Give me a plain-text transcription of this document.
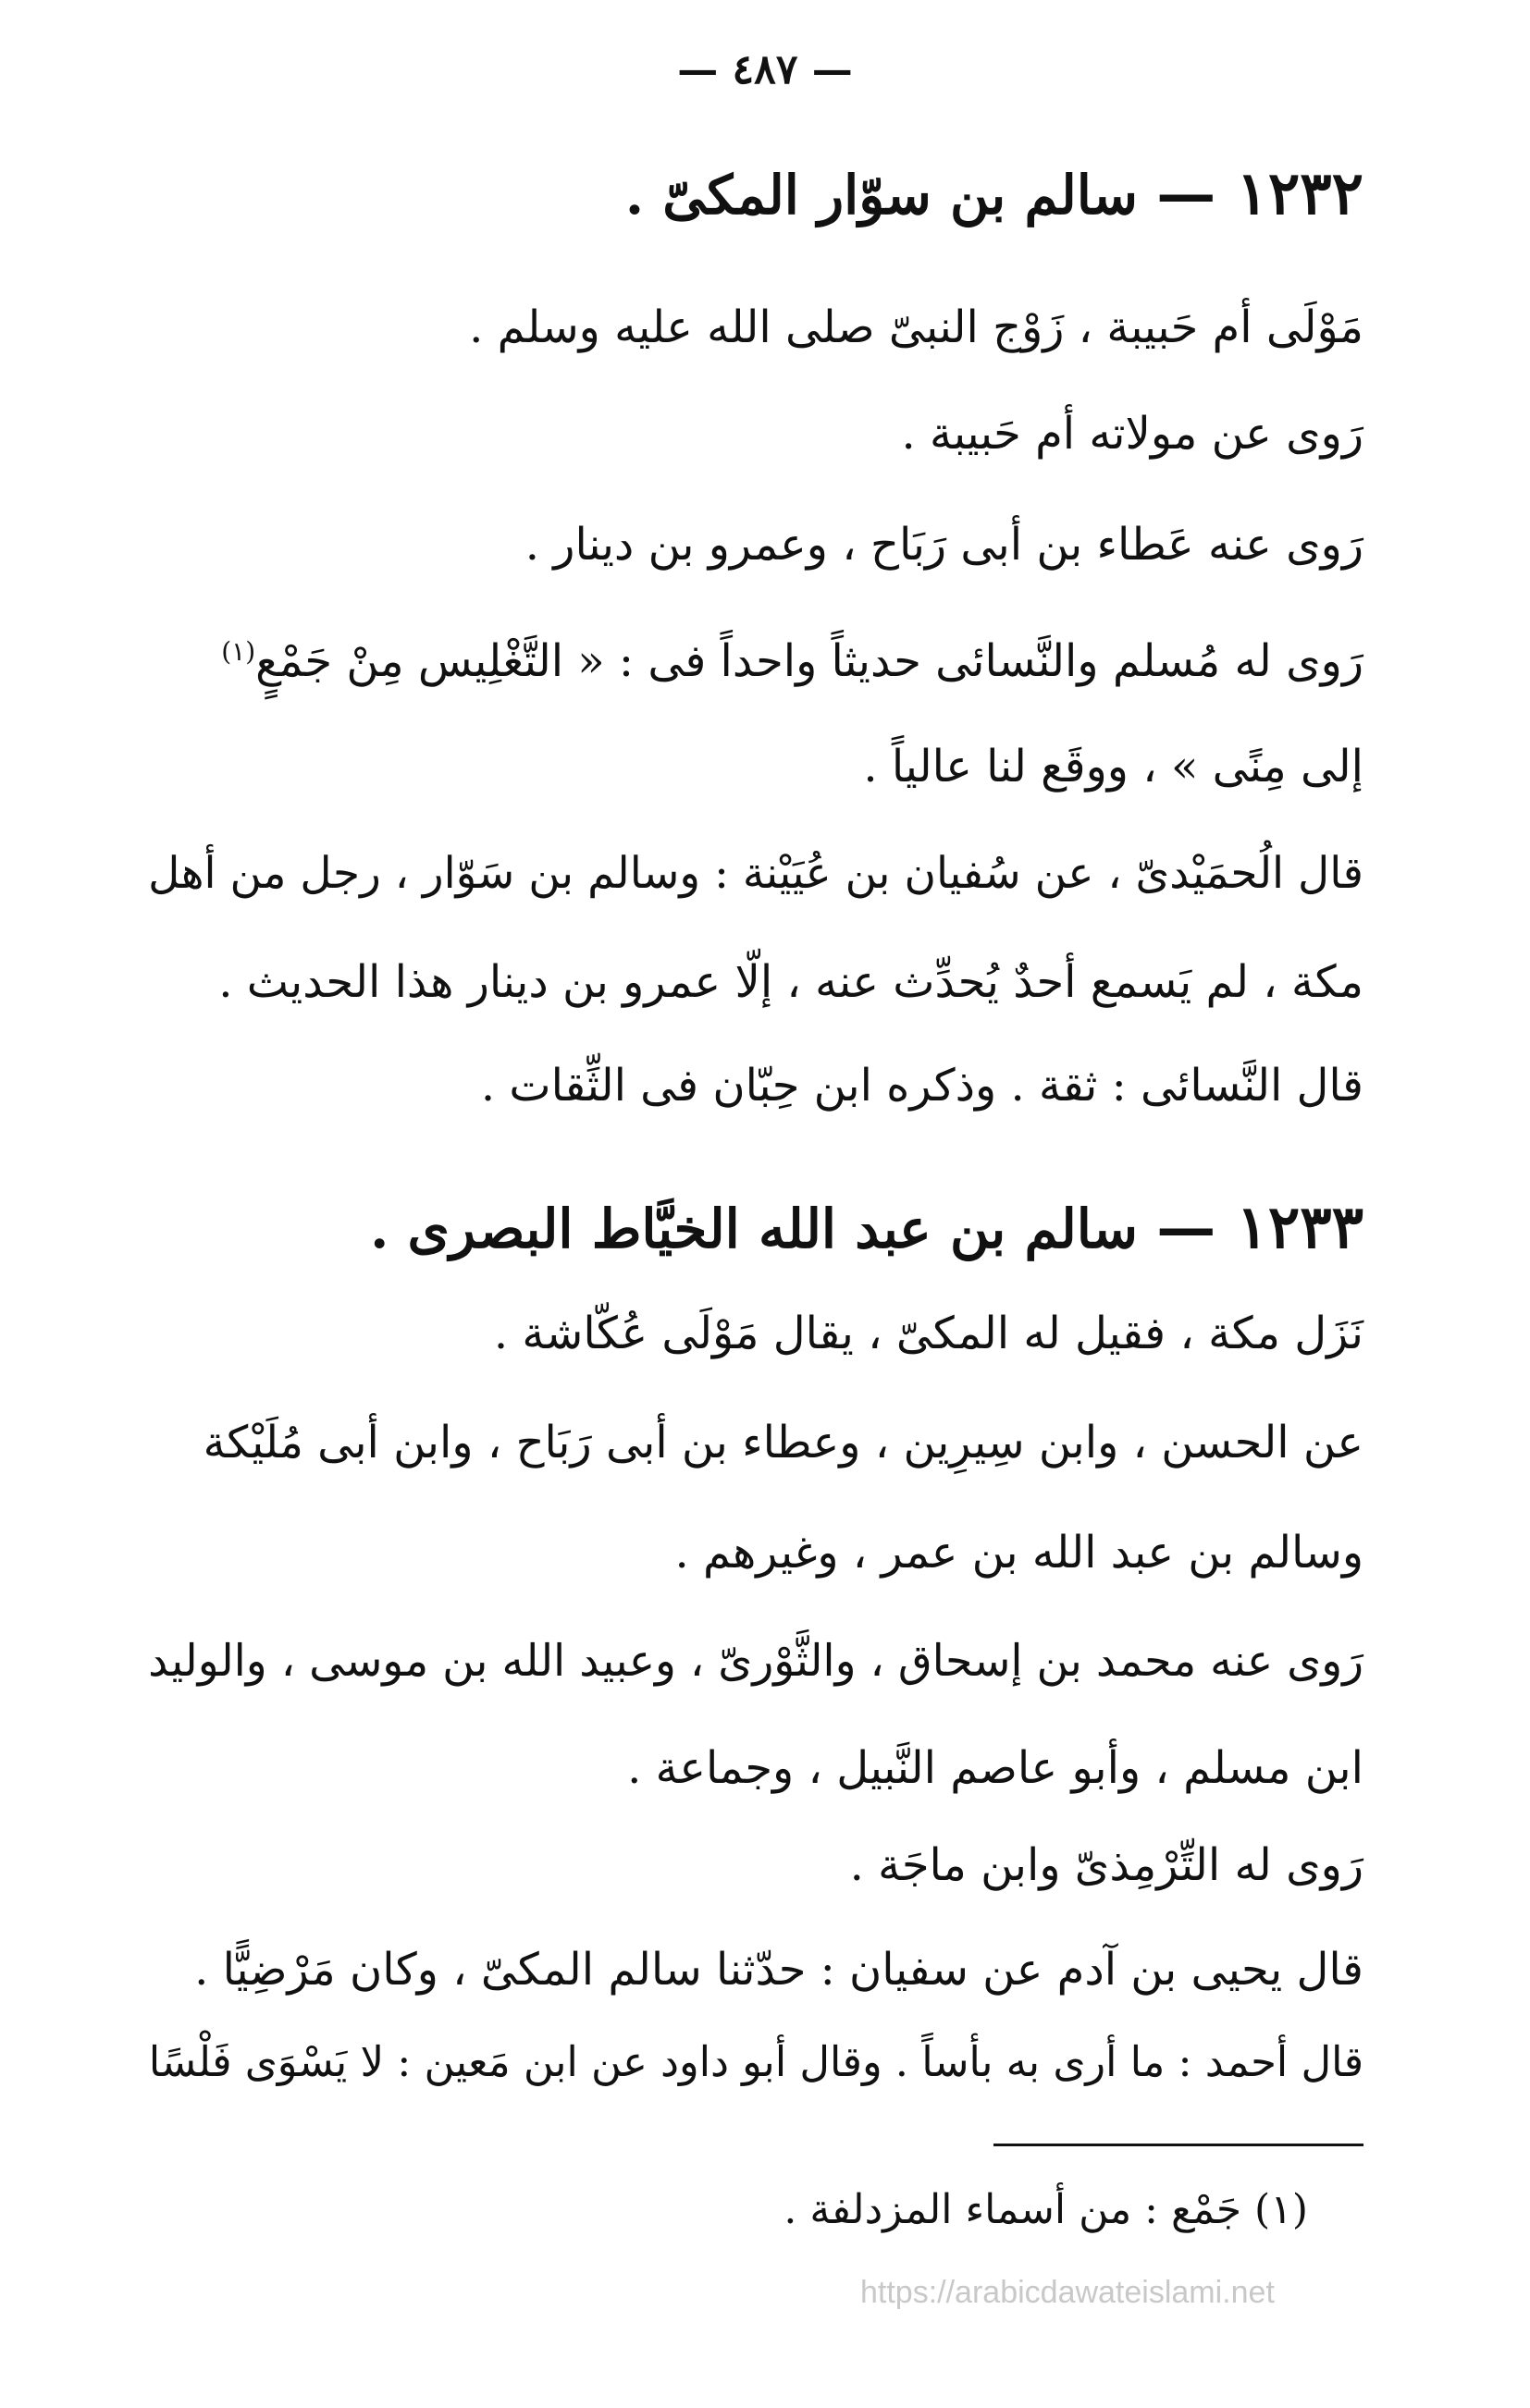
— ٤٨٧ —
١٢٣٢ — سالم بن سوّار المكىّ .
مَوْلَى أم حَبيبة ، زَوْج النبىّ صلى الله عليه وسلم .
رَوى عن مولاته أم حَبيبة .
رَوى عنه عَطاء بن أبى رَبَاح ، وعمرو بن دينار .
رَوى له مُسلم والنَّسائى حديثاً واحداً فى : « التَّغْلِيس مِنْ جَمْعٍ$^{(١)}$
إلى مِنًى » ، ووقَع لنا عالياً .
قال الُحمَيْدىّ ، عن سُفيان بن عُيَيْنة : وسالم بن سَوّار ، رجل من أهل
مكة ، لم يَسمع أحدٌ يُحدِّث عنه ، إلّا عمرو بن دينار هذا الحديث .
قال النَّسائى : ثقة . وذكره ابن حِبّان فى الثِّقات .
١٢٣٣ — سالم بن عبد الله الخيَّاط البصرى .
نَزَل مكة ، فقيل له المكىّ ، يقال مَوْلَى عُكّاشة .
عن الحسن ، وابن سِيرِين ، وعطاء بن أبى رَبَاح ، وابن أبى مُلَيْكة
وسالم بن عبد الله بن عمر ، وغيرهم .
رَوى عنه محمد بن إسحاق ، والثَّوْرىّ ، وعبيد الله بن موسى ، والوليد
ابن مسلم ، وأبو عاصم النَّبيل ، وجماعة .
رَوى له التِّرْمِذىّ وابن ماجَة .
قال يحيى بن آدم عن سفيان : حدّثنا سالم المكىّ ، وكان مَرْضِيًّا .
قال أحمد : ما أرى به بأساً . وقال أبو داود عن ابن مَعين : لا يَسْوَى فَلْسًا
(١) جَمْع : من أسماء المزدلفة .
https://arabicdawateislami.net
